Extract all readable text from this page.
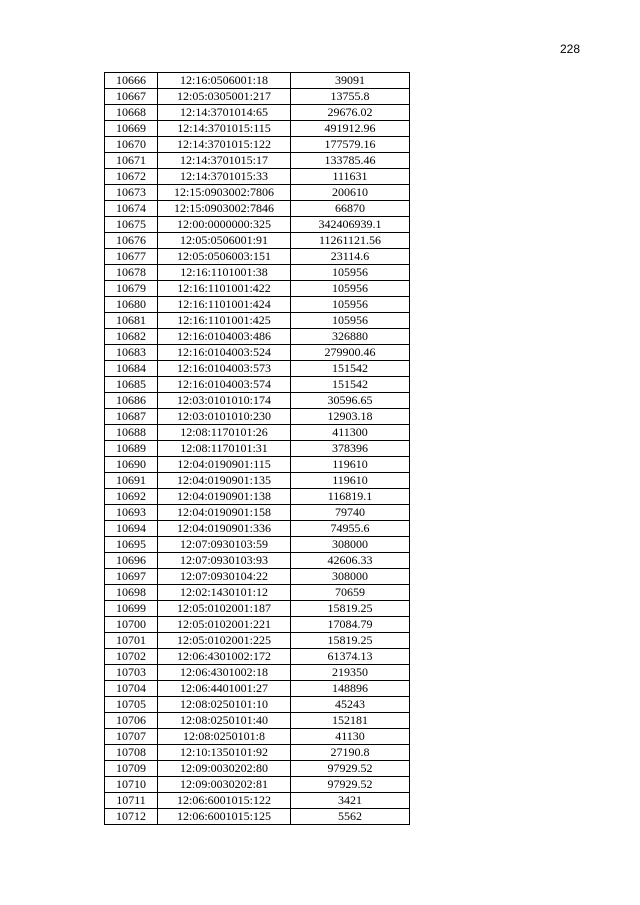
228
10666	12:16:0506001:18	39091
10667	12:05:0305001:217	13755.8
10668	12:14:3701014:65	29676.02
10669	12:14:3701015:115	491912.96
10670	12:14:3701015:122	177579.16
10671	12:14:3701015:17	133785.46
10672	12:14:3701015:33	111631
10673	12:15:0903002:7806	200610
10674	12:15:0903002:7846	66870
10675	12:00:0000000:325	342406939.1
10676	12:05:0506001:91	11261121.56
10677	12:05:0506003:151	23114.6
10678	12:16:1101001:38	105956
10679	12:16:1101001:422	105956
10680	12:16:1101001:424	105956
10681	12:16:1101001:425	105956
10682	12:16:0104003:486	326880
10683	12:16:0104003:524	279900.46
10684	12:16:0104003:573	151542
10685	12:16:0104003:574	151542
10686	12:03:0101010:174	30596.65
10687	12:03:0101010:230	12903.18
10688	12:08:1170101:26	411300
10689	12:08:1170101:31	378396
10690	12:04:0190901:115	119610
10691	12:04:0190901:135	119610
10692	12:04:0190901:138	116819.1
10693	12:04:0190901:158	79740
10694	12:04:0190901:336	74955.6
10695	12:07:0930103:59	308000
10696	12:07:0930103:93	42606.33
10697	12:07:0930104:22	308000
10698	12:02:1430101:12	70659
10699	12:05:0102001:187	15819.25
10700	12:05:0102001:221	17084.79
10701	12:05:0102001:225	15819.25
10702	12:06:4301002:172	61374.13
10703	12:06:4301002:18	219350
10704	12:06:4401001:27	148896
10705	12:08:0250101:10	45243
10706	12:08:0250101:40	152181
10707	12:08:0250101:8	41130
10708	12:10:1350101:92	27190.8
10709	12:09:0030202:80	97929.52
10710	12:09:0030202:81	97929.52
10711	12:06:6001015:122	3421
10712	12:06:6001015:125	5562
